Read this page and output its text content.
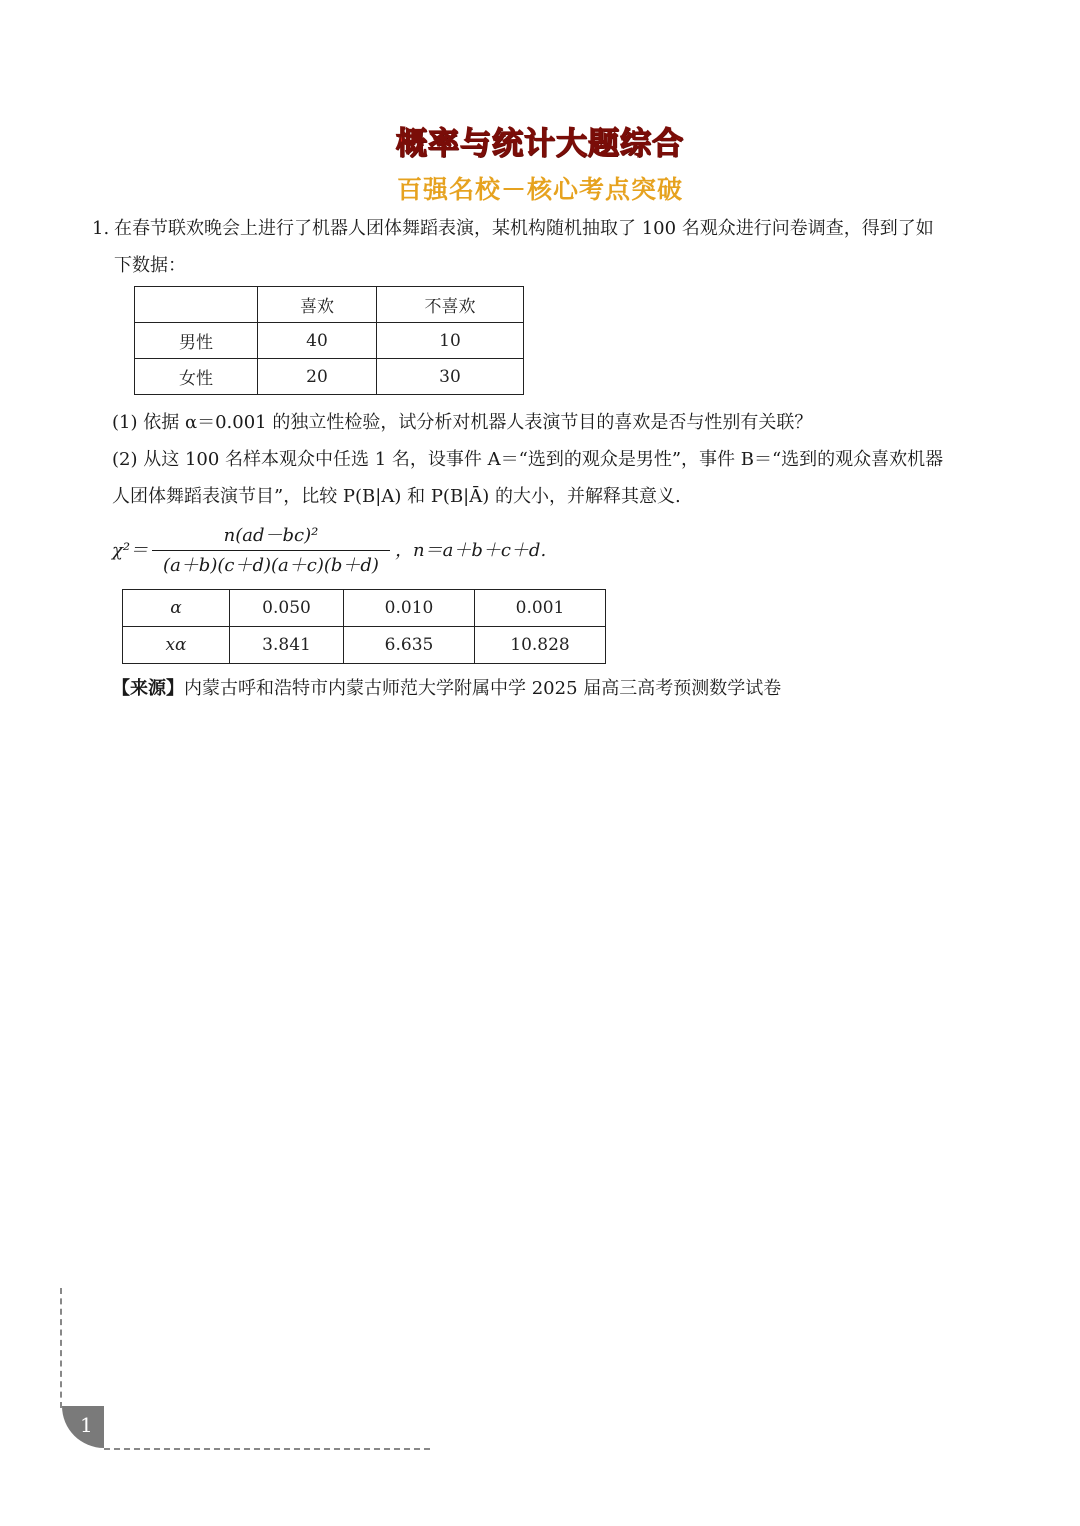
概率与统计大题综合
百强名校－核心考点突破
1. 在春节联欢晚会上进行了机器人团体舞蹈表演，某机构随机抽取了 100 名观众进行问卷调查，得到了如
下数据：
	喜欢	不喜欢
男性	40	10
女性	20	30
(1) 依据 α＝0.001 的独立性检验，试分析对机器人表演节目的喜欢是否与性别有关联？
(2) 从这 100 名样本观众中任选 1 名，设事件 A＝“选到的观众是男性”，事件 B＝“选到的观众喜欢机器
人团体舞蹈表演节目”，比较 P(B|A) 和 P(B|Ā) 的大小，并解释其意义.
χ²＝
n(ad－bc)²
(a＋b)(c＋d)(a＋c)(b＋d)
，n＝a＋b＋c＋d.
α	0.050	0.010	0.001
xα	3.841	6.635	10.828
【来源】内蒙古呼和浩特市内蒙古师范大学附属中学 2025 届高三高考预测数学试卷
1
